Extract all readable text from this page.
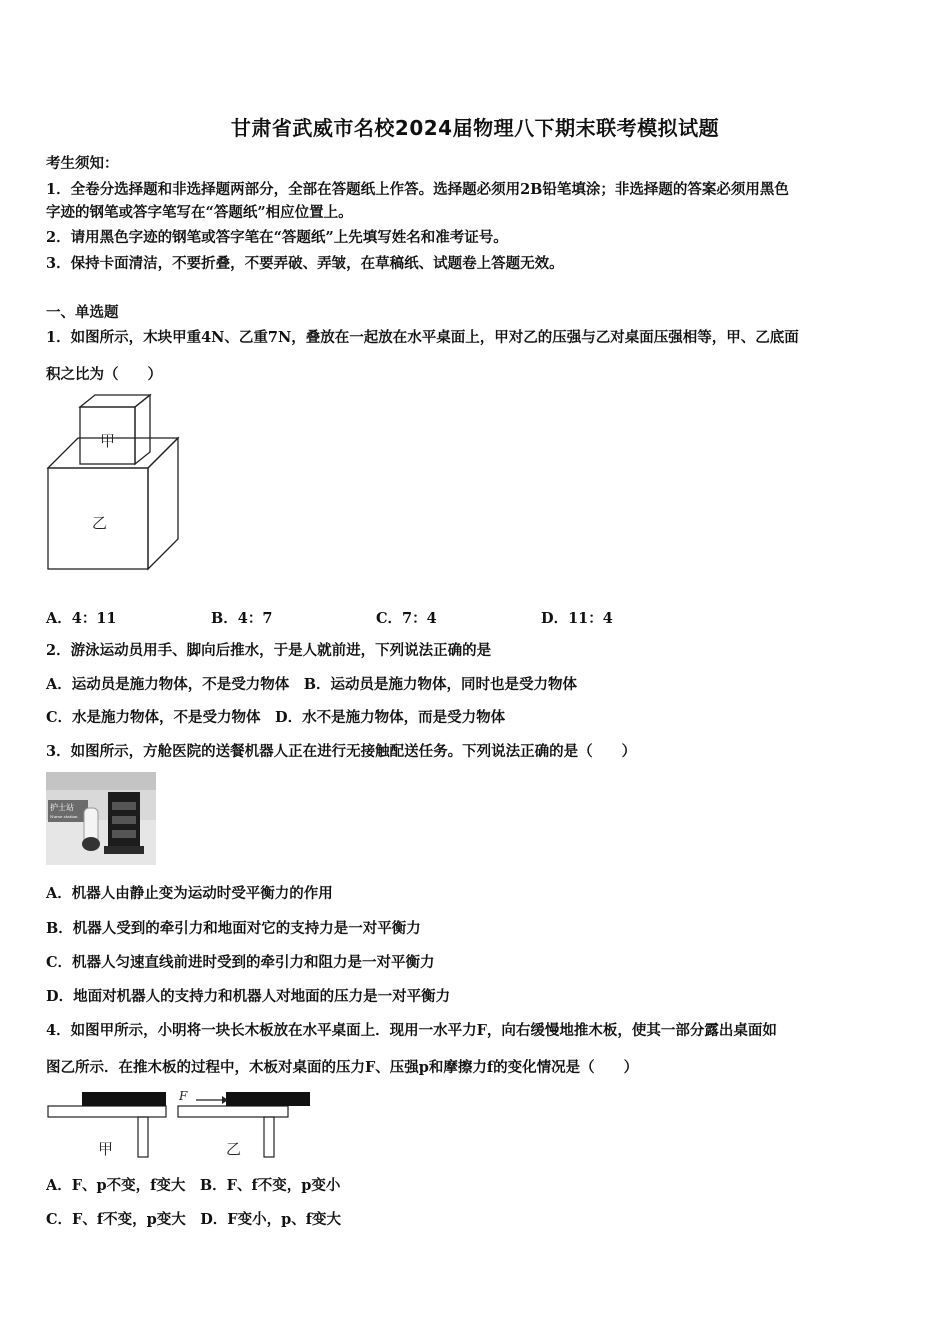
甘肃省武威市名校2024届物理八下期末联考模拟试题
考生须知：
1．全卷分选择题和非选择题两部分，全部在答题纸上作答。选择题必须用2B铅笔填涂；非选择题的答案必须用黑色
字迹的钢笔或答字笔写在“答题纸”相应位置上。
2．请用黑色字迹的钢笔或答字笔在“答题纸”上先填写姓名和准考证号。
3．保持卡面清洁，不要折叠，不要弄破、弄皱，在草稿纸、试题卷上答题无效。
一、单选题
1．如图所示，木块甲重4N、乙重7N，叠放在一起放在水平桌面上，甲对乙的压强与乙对桌面压强相等，甲、乙底面
积之比为（　　）
甲
乙
A．4：11	B．4：7	C．7：4	D．11：4
2．游泳运动员用手、脚向后推水，于是人就前进，下列说法正确的是
A．运动员是施力物体，不是受力物体　B．运动员是施力物体，同时也是受力物体
C．水是施力物体，不是受力物体　D．水不是施力物体，而是受力物体
3．如图所示，方舱医院的送餐机器人正在进行无接触配送任务。下列说法正确的是（　　）
护士站
Nurse station
A．机器人由静止变为运动时受平衡力的作用
B．机器人受到的牵引力和地面对它的支持力是一对平衡力
C．机器人匀速直线前进时受到的牵引力和阻力是一对平衡力
D．地面对机器人的支持力和机器人对地面的压力是一对平衡力
4．如图甲所示，小明将一块长木板放在水平桌面上．现用一水平力F，向右缓慢地推木板，使其一部分露出桌面如
图乙所示．在推木板的过程中，木板对桌面的压力F、压强p和摩擦力f的变化情况是（　　）
F
甲	乙
A．F、p不变，f变大　B．F、f不变，p变小
C．F、f不变，p变大　D．F变小，p、f变大
